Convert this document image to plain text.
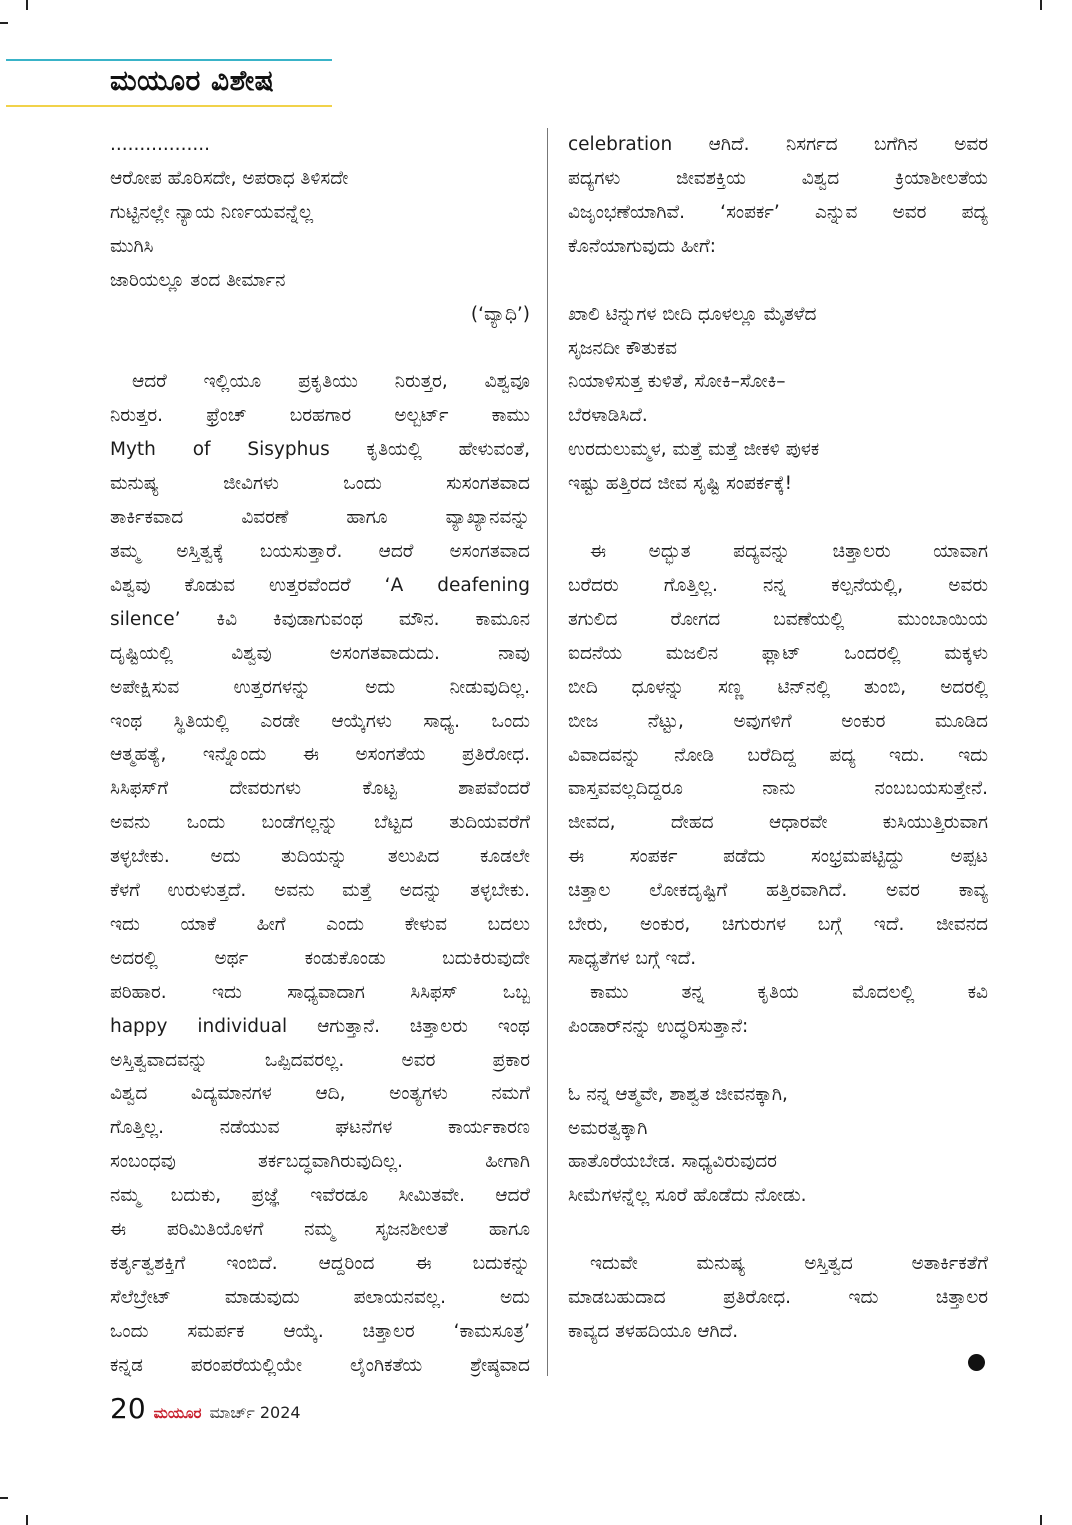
ಮಯೂರ ವಿಶೇಷ
.................
ಆರೋಪ ಹೊರಿಸದೇ, ಅಪರಾಧ ತಿಳಿಸದೇ
ಗುಟ್ಟಿನಲ್ಲೇ ನ್ಯಾಯ ನಿರ್ಣಯವನ್ನೆಲ್ಲ
ಮುಗಿಸಿ
ಜಾರಿಯಲ್ಲೂ ತಂದ ತೀರ್ಮಾನ
(‘ವ್ಯಾಧಿ’)
ಆದರೆ ಇಲ್ಲಿಯೂ ಪ್ರಕೃತಿಯು ನಿರುತ್ತರ, ವಿಶ್ವವೂ
ನಿರುತ್ತರ. ಫ್ರೆಂಚ್ ಬರಹಗಾರ ಅಲ್ಬರ್ಟ್ ಕಾಮು
Myth of Sisyphus ಕೃತಿಯಲ್ಲಿ ಹೇಳುವಂತೆ,
ಮನುಷ್ಯ ಜೀವಿಗಳು ಒಂದು ಸುಸಂಗತವಾದ
ತಾರ್ಕಿಕವಾದ ವಿವರಣೆ ಹಾಗೂ ವ್ಯಾಖ್ಯಾನವನ್ನು
ತಮ್ಮ ಅಸ್ತಿತ್ವಕ್ಕೆ ಬಯಸುತ್ತಾರೆ. ಆದರೆ ಅಸಂಗತವಾದ
ವಿಶ್ವವು ಕೊಡುವ ಉತ್ತರವೆಂದರೆ ‘A deafening
silence’ ಕಿವಿ ಕಿವುಡಾಗುವಂಥ ಮೌನ. ಕಾಮೂನ
ದೃಷ್ಟಿಯಲ್ಲಿ ವಿಶ್ವವು ಅಸಂಗತವಾದುದು. ನಾವು
ಅಪೇಕ್ಷಿಸುವ ಉತ್ತರಗಳನ್ನು ಅದು ನೀಡುವುದಿಲ್ಲ.
ಇಂಥ ಸ್ಥಿತಿಯಲ್ಲಿ ಎರಡೇ ಆಯ್ಕೆಗಳು ಸಾಧ್ಯ. ಒಂದು
ಆತ್ಮಹತ್ಯೆ, ಇನ್ನೊಂದು ಈ ಅಸಂಗತೆಯ ಪ್ರತಿರೋಧ.
ಸಿಸಿಫಸ್‌ಗೆ ದೇವರುಗಳು ಕೊಟ್ಟ ಶಾಪವೆಂದರೆ
ಅವನು ಒಂದು ಬಂಡೆಗಲ್ಲನ್ನು ಬೆಟ್ಟದ ತುದಿಯವರೆಗೆ
ತಳ್ಳಬೇಕು. ಅದು ತುದಿಯನ್ನು ತಲುಪಿದ ಕೂಡಲೇ
ಕೆಳಗೆ ಉರುಳುತ್ತದೆ. ಅವನು ಮತ್ತೆ ಅದನ್ನು ತಳ್ಳಬೇಕು.
ಇದು ಯಾಕೆ ಹೀಗೆ ಎಂದು ಕೇಳುವ ಬದಲು
ಅದರಲ್ಲಿ ಅರ್ಥ ಕಂಡುಕೊಂಡು ಬದುಕಿರುವುದೇ
ಪರಿಹಾರ. ಇದು ಸಾಧ್ಯವಾದಾಗ ಸಿಸಿಫಸ್ ಒಬ್ಬ
happy individual ಆಗುತ್ತಾನೆ. ಚಿತ್ತಾಲರು ಇಂಥ
ಅಸ್ತಿತ್ವವಾದವನ್ನು ಒಪ್ಪಿದವರಲ್ಲ. ಅವರ ಪ್ರಕಾರ
ವಿಶ್ವದ ವಿದ್ಯಮಾನಗಳ ಆದಿ, ಅಂತ್ಯಗಳು ನಮಗೆ
ಗೊತ್ತಿಲ್ಲ. ನಡೆಯುವ ಘಟನೆಗಳ ಕಾರ್ಯಕಾರಣ
ಸಂಬಂಧವು ತರ್ಕಬದ್ಧವಾಗಿರುವುದಿಲ್ಲ. ಹೀಗಾಗಿ
ನಮ್ಮ ಬದುಕು, ಪ್ರಜ್ಞೆ ಇವೆರಡೂ ಸೀಮಿತವೇ. ಆದರೆ
ಈ ಪರಿಮಿತಿಯೊಳಗೆ ನಮ್ಮ ಸೃಜನಶೀಲತೆ ಹಾಗೂ
ಕರ್ತೃತ್ವಶಕ್ತಿಗೆ ಇಂಬಿದೆ. ಆದ್ದರಿಂದ ಈ ಬದುಕನ್ನು
ಸೆಲೆಬ್ರೇಟ್ ಮಾಡುವುದು ಪಲಾಯನವಲ್ಲ. ಅದು
ಒಂದು ಸಮರ್ಪಕ ಆಯ್ಕೆ. ಚಿತ್ತಾಲರ ‘ಕಾಮಸೂತ್ರ’
ಕನ್ನಡ ಪರಂಪರೆಯಲ್ಲಿಯೇ ಲೈಂಗಿಕತೆಯ ಶ್ರೇಷ್ಠವಾದ
celebration ಆಗಿದೆ. ನಿಸರ್ಗದ ಬಗೆಗಿನ ಅವರ
ಪದ್ಯಗಳು ಜೀವಶಕ್ತಿಯ ವಿಶ್ವದ ಕ್ರಿಯಾಶೀಲತೆಯ
ವಿಜೃಂಭಣೆಯಾಗಿವೆ. ‘ಸಂಪರ್ಕ’ ಎನ್ನುವ ಅವರ ಪದ್ಯ
ಕೊನೆಯಾಗುವುದು ಹೀಗೆ:
ಖಾಲಿ ಟಿನ್ನುಗಳ ಬೀದಿ ಧೂಳಲ್ಲೂ ಮೈತಳೆದ
ಸೃಜನದೀ ಕೌತುಕವ
ನಿಯಾಳಿಸುತ್ತ ಕುಳಿತೆ, ಸೋಕಿ–ಸೋಕಿ–
ಬೆರಳಾಡಿಸಿದೆ.
ಉರದುಲುಮ್ಮಳ, ಮತ್ತೆ ಮತ್ತೆ ಜೀಕಳಿ ಪುಳಕ
ಇಷ್ಟು ಹತ್ತಿರದ ಜೀವ ಸೃಷ್ಟಿ ಸಂಪರ್ಕಕ್ಕೆ!
ಈ ಅದ್ಭುತ ಪದ್ಯವನ್ನು ಚಿತ್ತಾಲರು ಯಾವಾಗ
ಬರೆದರು ಗೊತ್ತಿಲ್ಲ. ನನ್ನ ಕಲ್ಪನೆಯಲ್ಲಿ, ಅವರು
ತಗುಲಿದ ರೋಗದ ಬವಣೆಯಲ್ಲಿ ಮುಂಬಾಯಿಯ
ಐದನೆಯ ಮಜಲಿನ ಫ್ಲಾಟ್ ಒಂದರಲ್ಲಿ ಮಕ್ಕಳು
ಬೀದಿ ಧೂಳನ್ನು ಸಣ್ಣ ಟಿನ್‌ನಲ್ಲಿ ತುಂಬಿ, ಅದರಲ್ಲಿ
ಬೀಜ ನೆಟ್ಟು, ಅವುಗಳಿಗೆ ಅಂಕುರ ಮೂಡಿದ
ವಿವಾದವನ್ನು ನೋಡಿ ಬರೆದಿದ್ದ ಪದ್ಯ ಇದು. ಇದು
ವಾಸ್ತವವಲ್ಲದಿದ್ದರೂ ನಾನು ನಂಬಬಯಸುತ್ತೇನೆ.
ಜೀವದ, ದೇಹದ ಆಧಾರವೇ ಕುಸಿಯುತ್ತಿರುವಾಗ
ಈ ಸಂಪರ್ಕ ಪಡೆದು ಸಂಭ್ರಮಪಟ್ಟಿದ್ದು ಅಪ್ಪಟ
ಚಿತ್ತಾಲ ಲೋಕದೃಷ್ಟಿಗೆ ಹತ್ತಿರವಾಗಿದೆ. ಅವರ ಕಾವ್ಯ
ಬೇರು, ಅಂಕುರ, ಚಿಗುರುಗಳ ಬಗ್ಗೆ ಇದೆ. ಜೀವನದ
ಸಾಧ್ಯತೆಗಳ ಬಗ್ಗೆ ಇದೆ.
ಕಾಮು ತನ್ನ ಕೃತಿಯ ಮೊದಲಲ್ಲಿ ಕವಿ
ಪಿಂಡಾರ್‌ನನ್ನು ಉದ್ಧರಿಸುತ್ತಾನೆ:
ಓ ನನ್ನ ಆತ್ಮವೇ, ಶಾಶ್ವತ ಜೀವನಕ್ಕಾಗಿ,
ಅಮರತ್ವಕ್ಕಾಗಿ
ಹಾತೊರೆಯಬೇಡ. ಸಾಧ್ಯವಿರುವುದರ
ಸೀಮೆಗಳನ್ನೆಲ್ಲ ಸೂರೆ ಹೊಡೆದು ನೋಡು.
ಇದುವೇ ಮನುಷ್ಯ ಅಸ್ತಿತ್ವದ ಅತಾರ್ಕಿಕತೆಗೆ
ಮಾಡಬಹುದಾದ ಪ್ರತಿರೋಧ. ಇದು ಚಿತ್ತಾಲರ
ಕಾವ್ಯದ ತಳಹದಿಯೂ ಆಗಿದೆ.
20 ಮಯೂರ ಮಾರ್ಚ್ 2024
